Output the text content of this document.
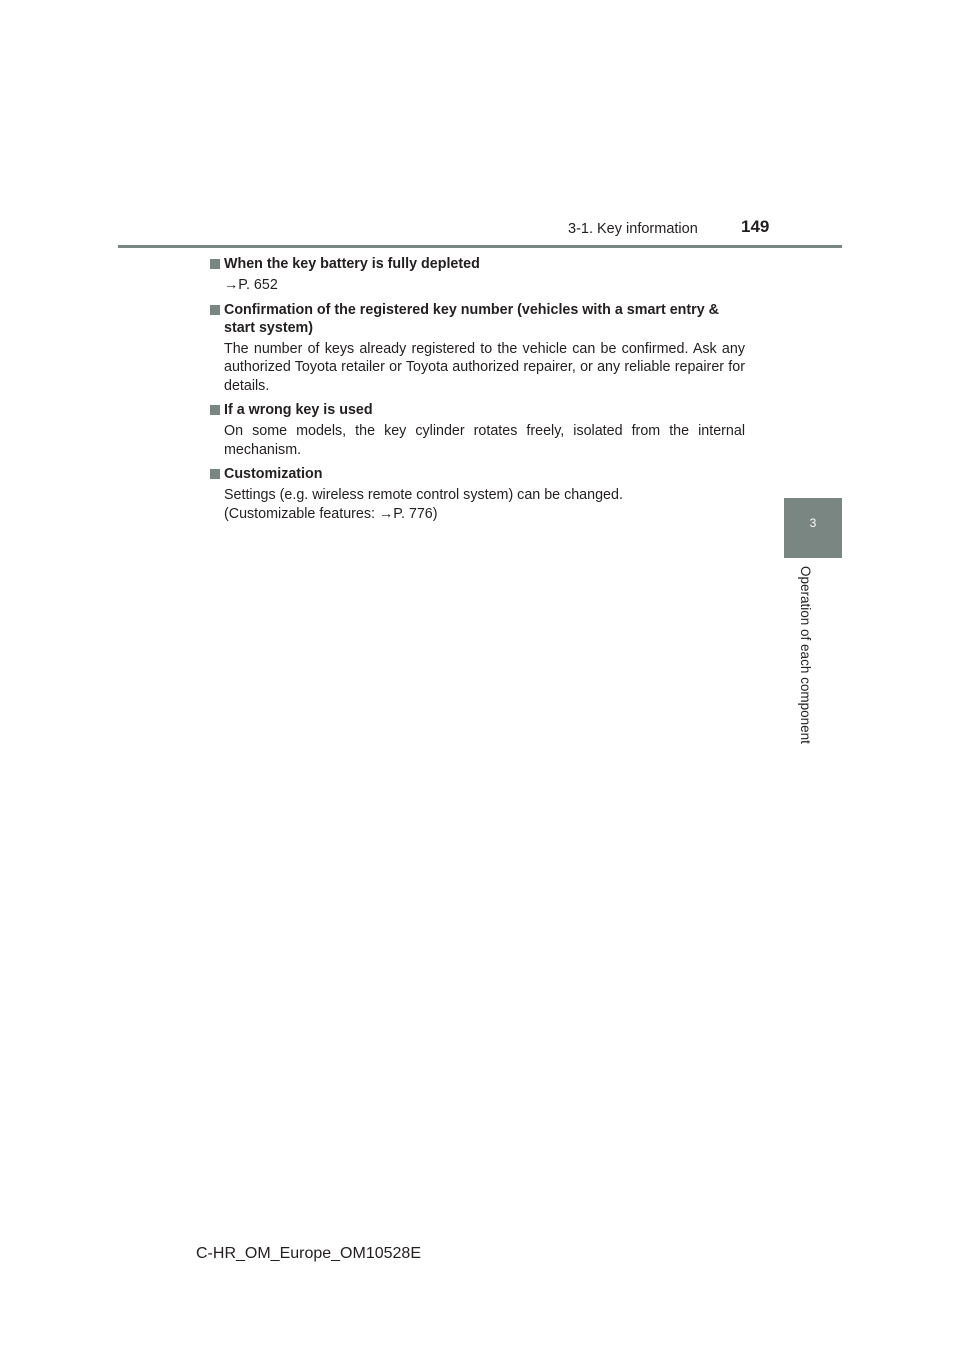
3-1. Key information	149
3
Operation of each component
When the key battery is fully depleted
→P. 652
Confirmation of the registered key number (vehicles with a smart entry & start system)
The number of keys already registered to the vehicle can be confirmed. Ask any authorized Toyota retailer or Toyota authorized repairer, or any reliable repairer for details.
If a wrong key is used
On some models, the key cylinder rotates freely, isolated from the internal mechanism.
Customization
Settings (e.g. wireless remote control system) can be changed.
(Customizable features: →P. 776)
C-HR_OM_Europe_OM10528E
